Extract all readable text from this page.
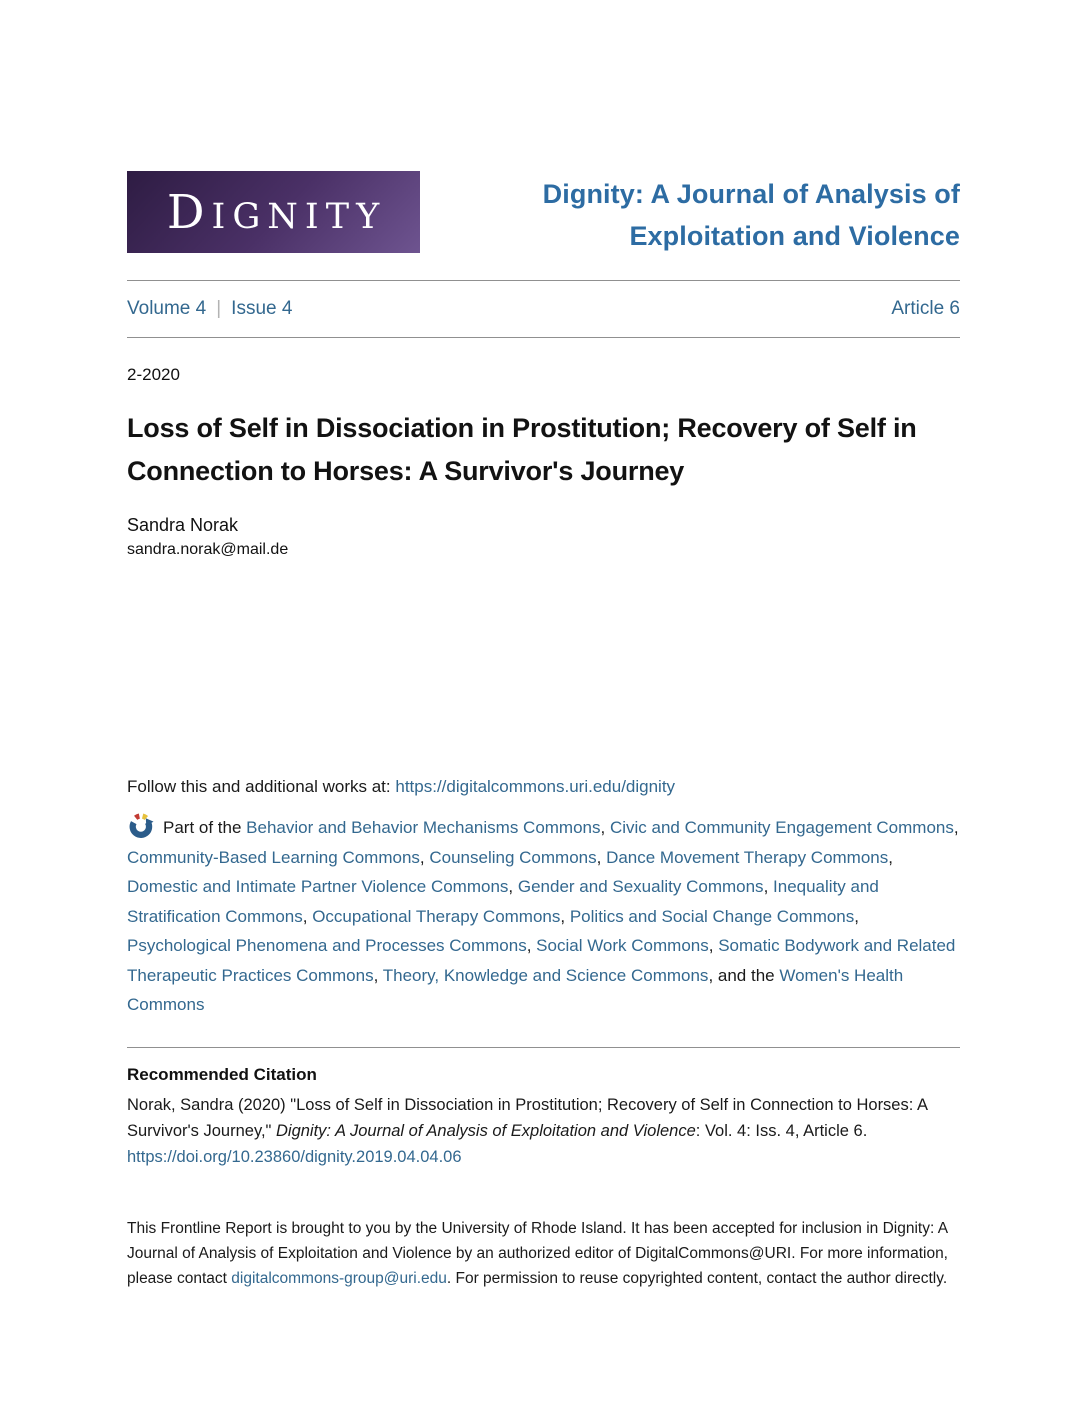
DIGNITY
Dignity: A Journal of Analysis of
Exploitation and Violence
Volume 4 | Issue 4	Article 6
2-2020
Loss of Self in Dissociation in Prostitution; Recovery of Self in Connection to Horses: A Survivor's Journey
Sandra Norak
sandra.norak@mail.de
Follow this and additional works at: https://digitalcommons.uri.edu/dignity

Part of the Behavior and Behavior Mechanisms Commons, Civic and Community Engagement Commons, Community-Based Learning Commons, Counseling Commons, Dance Movement Therapy Commons, Domestic and Intimate Partner Violence Commons, Gender and Sexuality Commons, Inequality and Stratification Commons, Occupational Therapy Commons, Politics and Social Change Commons, Psychological Phenomena and Processes Commons, Social Work Commons, Somatic Bodywork and Related Therapeutic Practices Commons, Theory, Knowledge and Science Commons, and the Women's Health Commons

Recommended Citation

Norak, Sandra (2020) "Loss of Self in Dissociation in Prostitution; Recovery of Self in Connection to Horses: A Survivor's Journey," Dignity: A Journal of Analysis of Exploitation and Violence: Vol. 4: Iss. 4, Article 6. https://doi.org/10.23860/dignity.2019.04.04.06

This Frontline Report is brought to you by the University of Rhode Island. It has been accepted for inclusion in Dignity: A Journal of Analysis of Exploitation and Violence by an authorized editor of DigitalCommons@URI. For more information, please contact digitalcommons-group@uri.edu. For permission to reuse copyrighted content, contact the author directly.
